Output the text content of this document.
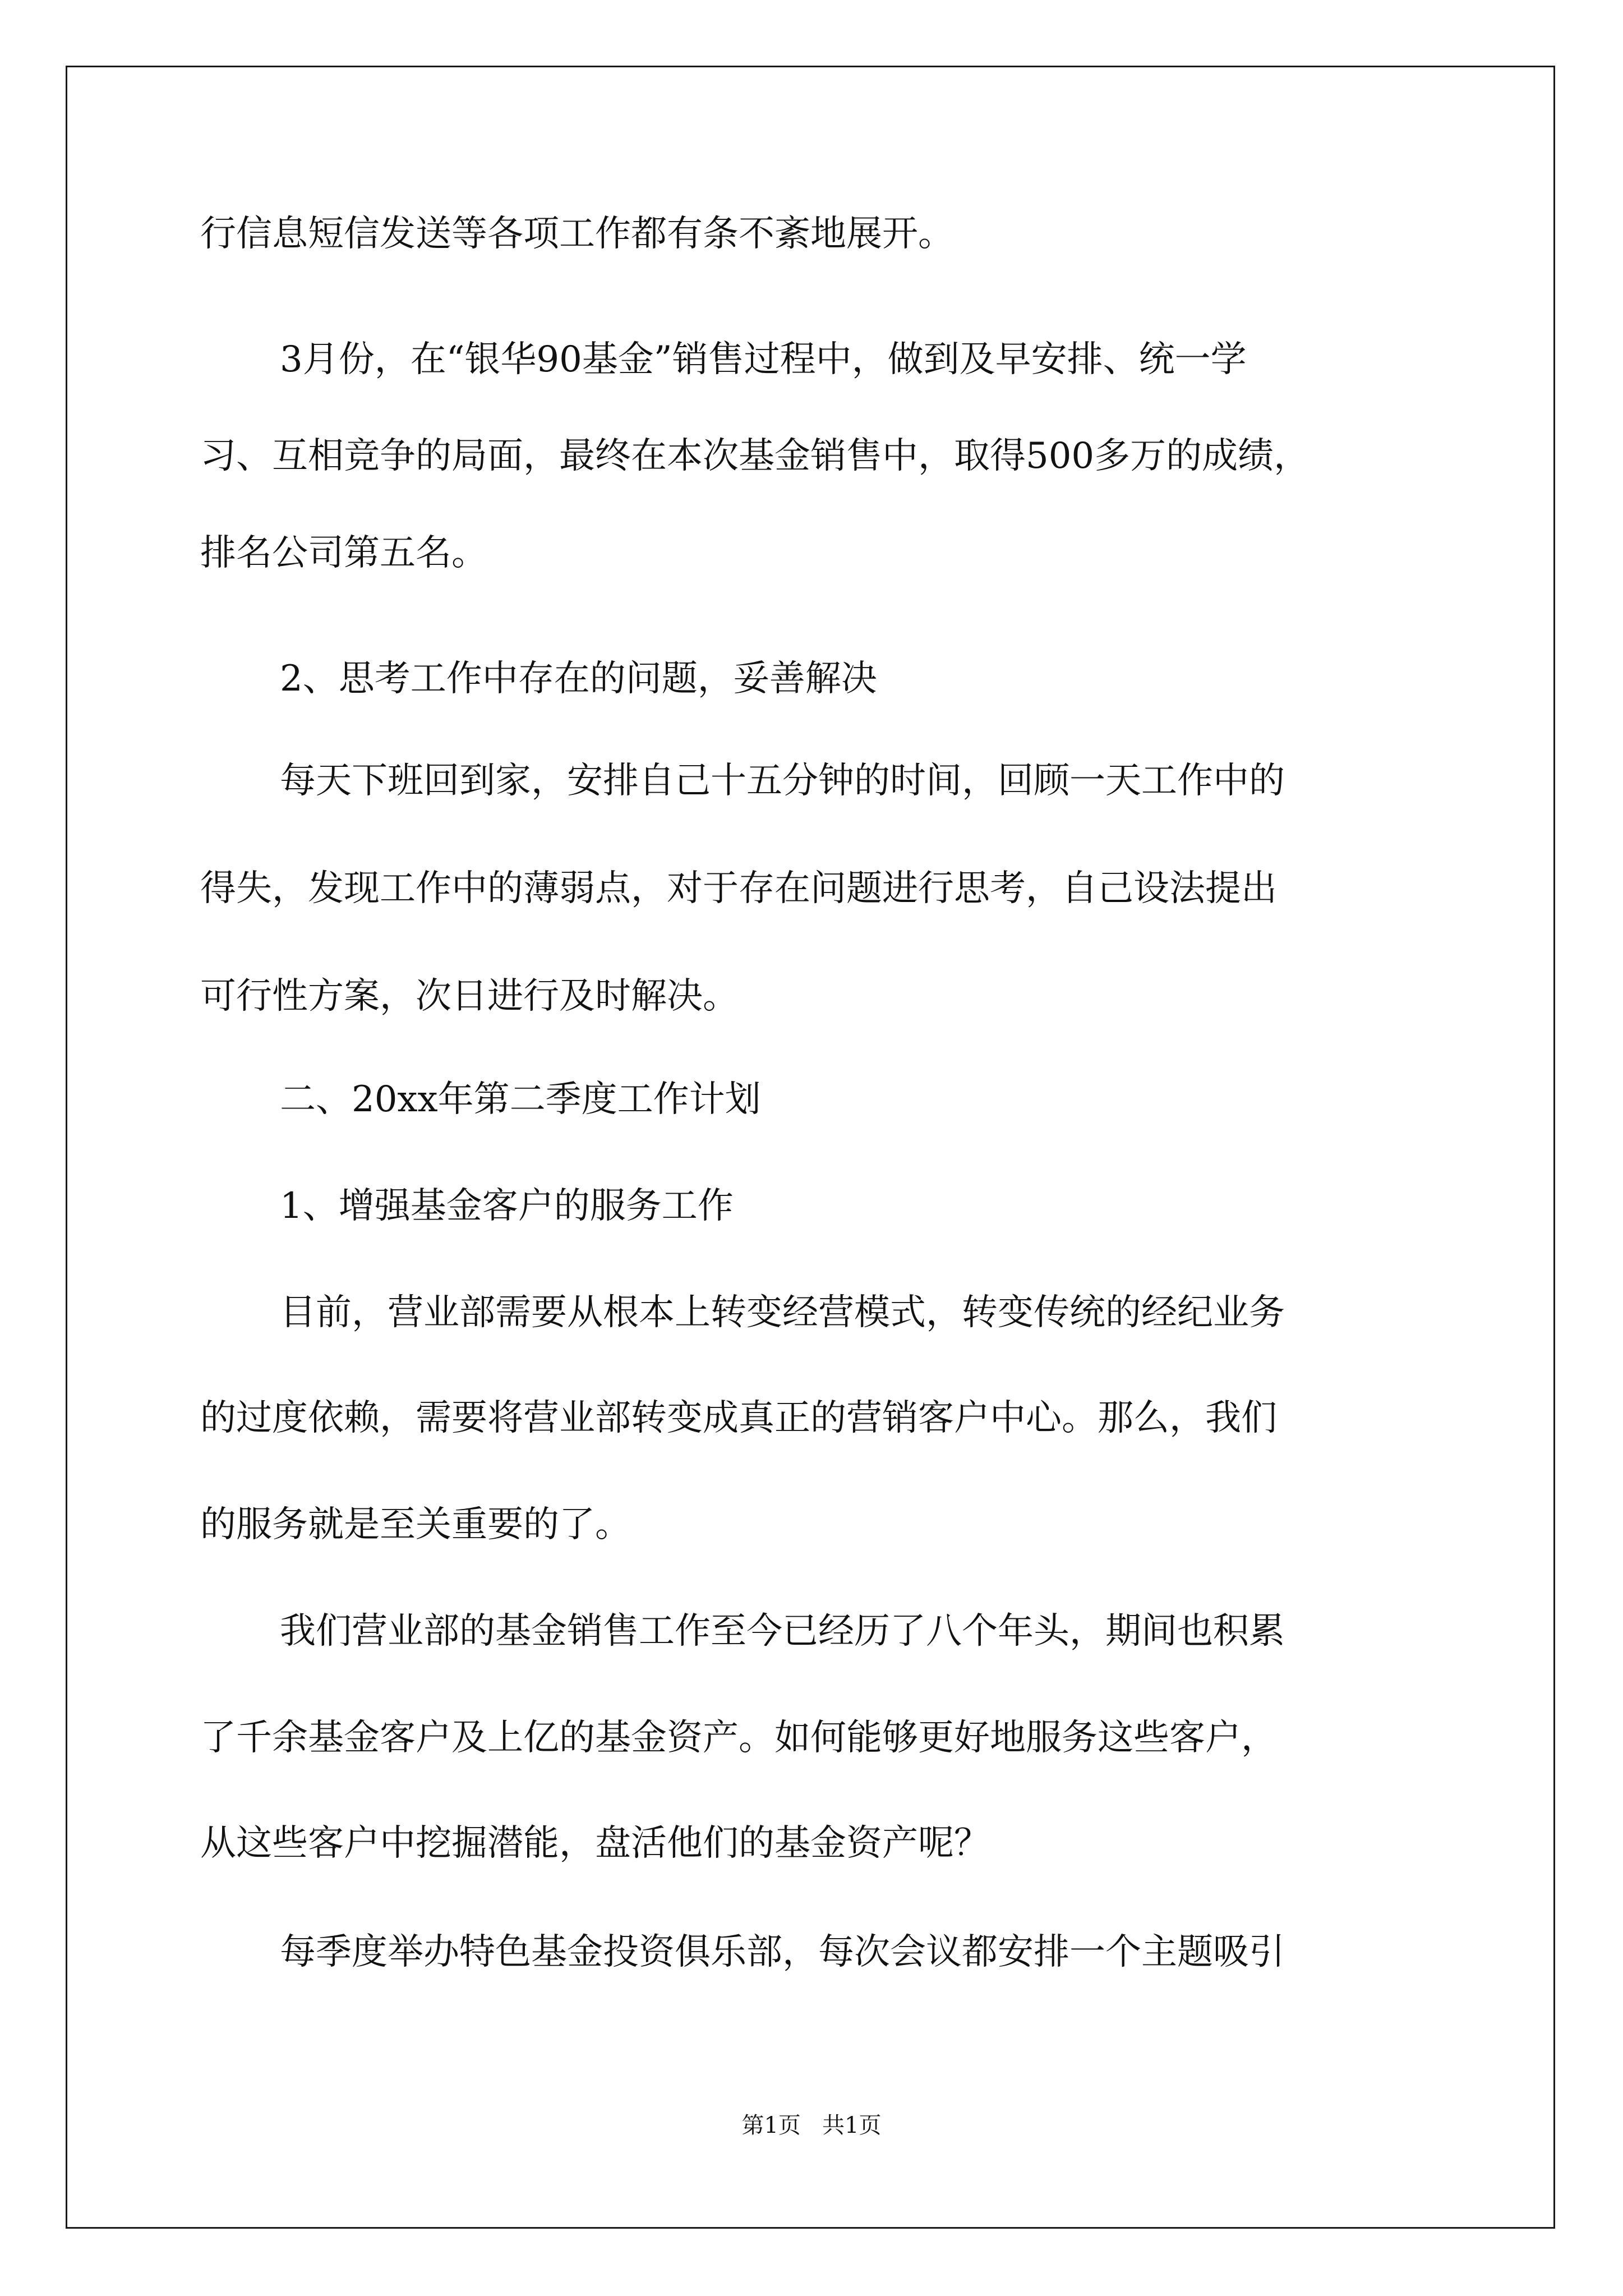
行信息短信发送等各项工作都有条不紊地展开。

3月份，在“银华90基金”销售过程中，做到及早安排、统一学

习、互相竞争的局面，最终在本次基金销售中，取得500多万的成绩，

排名公司第五名。

2、思考工作中存在的问题，妥善解决

每天下班回到家，安排自己十五分钟的时间，回顾一天工作中的

得失，发现工作中的薄弱点，对于存在问题进行思考，自己设法提出

可行性方案，次日进行及时解决。

二、20xx年第二季度工作计划

1、增强基金客户的服务工作

目前，营业部需要从根本上转变经营模式，转变传统的经纪业务

的过度依赖，需要将营业部转变成真正的营销客户中心。那么，我们

的服务就是至关重要的了。

我们营业部的基金销售工作至今已经历了八个年头，期间也积累

了千余基金客户及上亿的基金资产。如何能够更好地服务这些客户，

从这些客户中挖掘潜能，盘活他们的基金资产呢？

每季度举办特色基金投资俱乐部，每次会议都安排一个主题吸引

第1页   共1页
